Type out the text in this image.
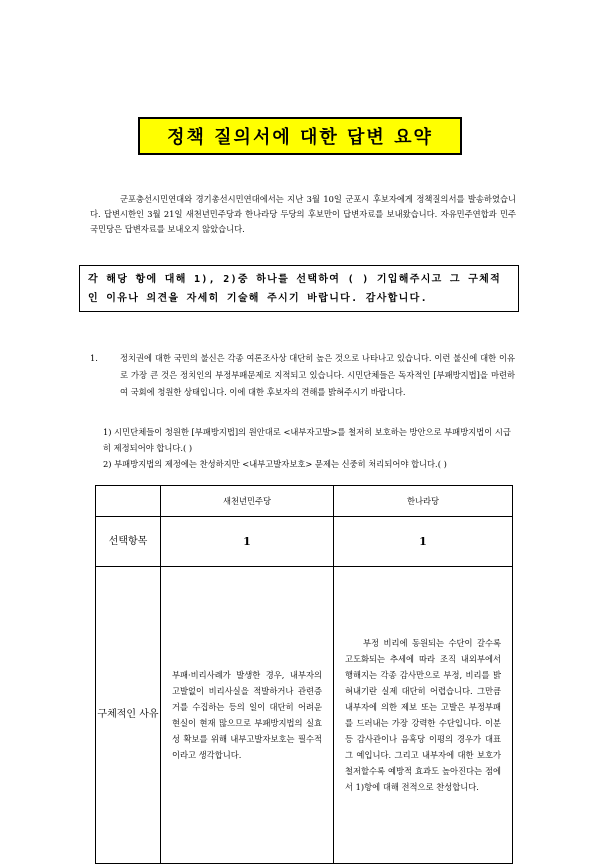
정책 질의서에 대한 답변 요약

군포충선시민연대와 경기총선시민연대에서는 지난 3월 10일 군포시 후보자에게 정책질의서를 발송하였습니다. 답변시한인 3월 21일 새천년민주당과 한나라당 두당의 후보만이 답변자료를 보내왔습니다. 자유민주연합과 민주국민당은 답변자료를 보내오지 않았습니다.

각 해당 항에 대해 1), 2)중 하나를 선택하여 ( ) 기입해주시고 그 구체적인 이유나 의견을 자세히 기술해 주시기 바랍니다. 감사합니다.
1.	정치권에 대한 국민의 불신은 각종 여론조사상 대단히 높은 것으로 나타나고 있습니다. 이런 불신에 대한 이유로 가장 큰 것은 정치인의 부정부패문제로 지적되고 있습니다. 시민단체들은 독자적인 [부패방지법]을 마련하여 국회에 청원한 상태입니다. 이에 대한 후보자의 견해를 밝혀주시기 바랍니다.
1) 시민단체들이 청원한 [부패방지법]의 원안대로 <내부자고발>를 철저히 보호하는 방안으로 부패방지법이 시급히 제정되어야 합니다.( )
2) 부패방지법의 제정에는 찬성하지만 <내부고발자보호> 문제는 신중히 처리되어야 합니다.( )
	새천년민주당	한나라당
선택항목	1	1
구체적인 사유	부패·비리사례가 발생한 경우, 내부자의 고발없이 비리사실을 적발하거나 관련증거를 수집하는 등의 일이 대단히 어려운 현실이 현재 많으므로 부패방지법의 실효성 확보를 위해 내부고발자보호는 필수적이라고 생각합니다.	부정 비리에 동원되는 수단이 갈수록 고도화되는 추세에 따라 조직 내외부에서 행해지는 각종 감사만으로 부정, 비리를 밝혀내기란 실제 대단히 어렵습니다. 그만큼 내부자에 의한 제보 또는 고발은 부정부패를 드러내는 가장 강력한 수단입니다. 이분 등 감사관이나 음혹당 이평의 경우가 대표 그 예입니다. 그리고 내부자에 대한 보호가 철저할수록 예방적 효과도 높아진다는 점에서 1)항에 대해 전적으로 찬성합니다.
